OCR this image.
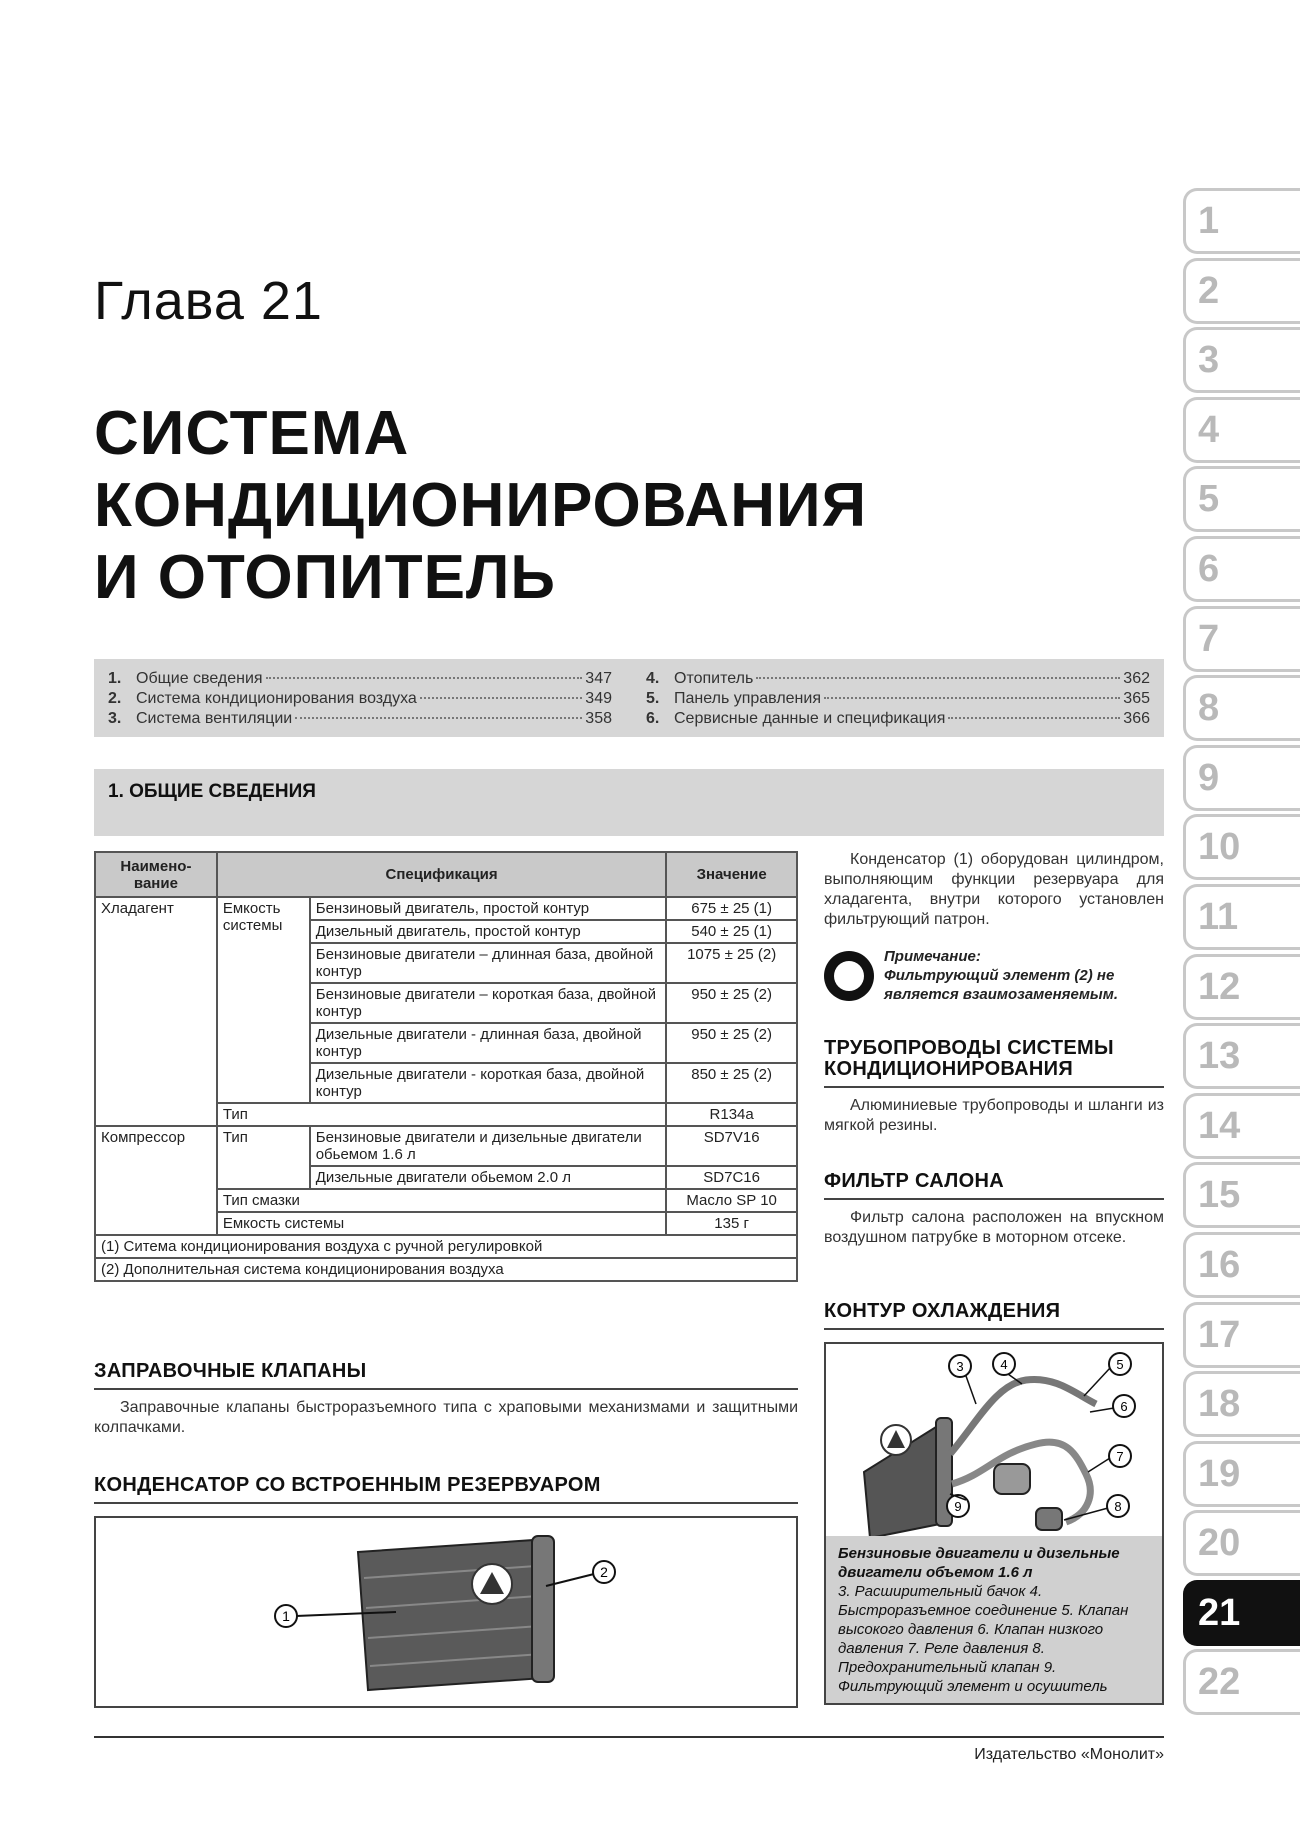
Глава 21
СИСТЕМА
КОНДИЦИОНИРОВАНИЯ
И ОТОПИТЕЛЬ
1
2
3
4
5
6
7
8
9
10
11
12
13
14
15
16
17
18
19
20
21
22
1. Общие сведения	347
2. Система кондиционирования воздуха	349
3. Система вентиляции	358
4. Отопитель	362
5. Панель управления	365
6. Сервисные данные и спецификация	366
1. ОБЩИЕ СВЕДЕНИЯ
Наимено-вание	Спецификация		Значение
Хладагент	Емкость системы	Бензиновый двигатель, простой контур	675 ± 25 (1)
		Дизельный двигатель, простой контур	540 ± 25 (1)
		Бензиновые двигатели – длинная база, двойной контур	1075 ± 25 (2)
		Бензиновые двигатели – короткая база, двойной контур	950 ± 25 (2)
		Дизельные двигатели - длинная база, двойной контур	950 ± 25 (2)
		Дизельные двигатели - короткая база, двойной контур	850 ± 25 (2)
	Тип		R134a
Компрессор	Тип	Бензиновые двигатели и дизельные двигатели обьемом 1.6 л	SD7V16
		Дизельные двигатели обьемом 2.0 л	SD7C16
	Тип смазки		Масло SP 10
	Емкость системы		135 г
(1) Ситема кондиционирования воздуха с ручной регулировкой			
(2) Дополнительная система кондиционирования воздуха			
ЗАПРАВОЧНЫЕ КЛАПАНЫ
Заправочные клапаны быстроразъемного типа с храповыми механизмами и защитными колпачками.
КОНДЕНСАТОР СО ВСТРОЕННЫМ РЕЗЕРВУАРОМ
1
2
Конденсатор (1) оборудован цилиндром, выполняющим функции резервуара для хладагента, внутри которого установлен фильтрующий патрон.
Примечание:
Фильтрующий элемент (2) не является взаимозаменяемым.
ТРУБОПРОВОДЫ СИСТЕМЫ КОНДИЦИОНИРОВАНИЯ
Алюминиевые трубопроводы и шланги из мягкой резины.
ФИЛЬТР САЛОНА
Фильтр салона расположен на впускном воздушном патрубке в моторном отсеке.
КОНТУР ОХЛАЖДЕНИЯ
3	4	5
6
7
8
9
Бензиновые двигатели и дизельные двигатели объемом 1.6 л
3. Расширительный бачок 4. Быстроразъемное соединение 5. Клапан высокого давления 6. Клапан низкого давления 7. Реле давления 8. Предохранительный клапан 9. Фильтрующий элемент и осушитель
Издательство «Монолит»
